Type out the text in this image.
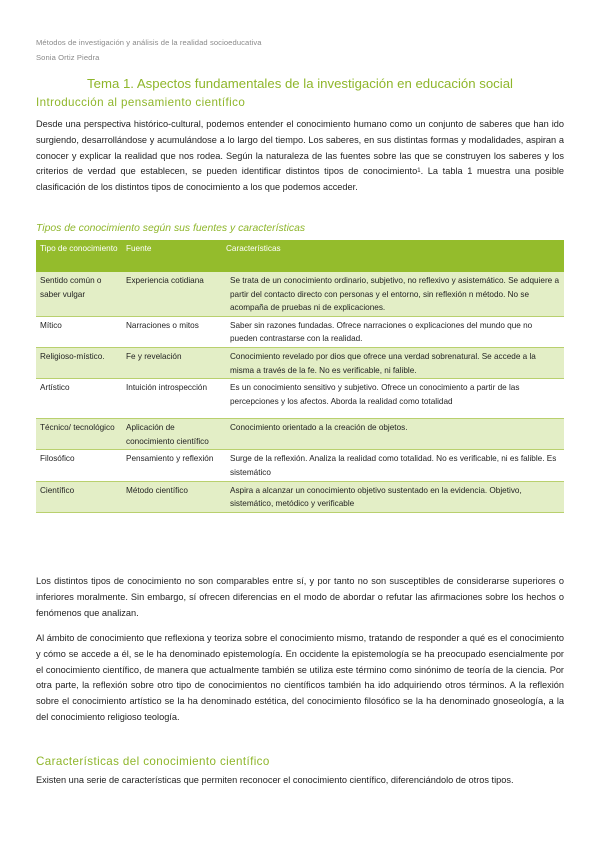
Métodos de investigación y análisis de la realidad socioeducativa
Sonia Ortiz Piedra
Tema 1. Aspectos fundamentales de la investigación en educación social
Introducción al pensamiento científico
Desde una perspectiva histórico-cultural, podemos entender el conocimiento humano como un conjunto de saberes que han ido surgiendo, desarrollándose y acumulándose a lo largo del tiempo. Los saberes, en sus distintas formas y modalidades, aspiran a conocer y explicar la realidad que nos rodea. Según la naturaleza de las fuentes sobre las que se construyen los saberes y los criterios de verdad que establecen, se pueden identificar distintos tipos de conocimiento$^1$. La tabla 1 muestra una posible clasificación de los distintos tipos de conocimiento a los que podemos acceder.
Tipos de conocimiento según sus fuentes y características
Tipo de conocimiento	Fuente	Características
Sentido común o saber vulgar	Experiencia cotidiana	Se trata de un conocimiento ordinario, subjetivo, no reflexivo y asistemático. Se adquiere a partir del contacto directo con personas y el entorno, sin reflexión n método. No se acompaña de pruebas ni de explicaciones.
Mítico	Narraciones o mitos	Saber sin razones fundadas. Ofrece narraciones o explicaciones del mundo que no pueden contrastarse con la realidad.
Religioso-místico.	Fe y revelación	Conocimiento revelado por dios que ofrece una verdad sobrenatural. Se accede a la misma a través de la fe. No es verificable, ni falible.
Artístico	Intuición introspección	Es un conocimiento sensitivo y subjetivo. Ofrece un conocimiento a partir de las percepciones y los afectos. Aborda la realidad como totalidad
Técnico/ tecnológico	Aplicación de conocimiento científico	Conocimiento orientado a la creación de objetos.
Filosófico	Pensamiento y reflexión	Surge de la reflexión. Analiza la realidad como totalidad. No es verificable, ni es falible. Es sistemático
Científico	Método científico	Aspira a alcanzar un conocimiento objetivo sustentado en la evidencia. Objetivo, sistemático, metódico y verificable
Los distintos tipos de conocimiento no son comparables entre sí, y por tanto no son susceptibles de considerarse superiores o inferiores moralmente. Sin embargo, sí ofrecen diferencias en el modo de abordar o refutar las afirmaciones sobre los hechos o fenómenos que analizan.
Al ámbito de conocimiento que reflexiona y teoriza sobre el conocimiento mismo, tratando de responder a qué es el conocimiento y cómo se accede a él, se le ha denominado epistemología. En occidente la epistemología se ha preocupado esencialmente por el conocimiento científico, de manera que actualmente también se utiliza este término como sinónimo de teoría de la ciencia. Por otra parte, la reflexión sobre otro tipo de conocimientos no científicos también ha ido adquiriendo otros términos. A la reflexión sobre el conocimiento artístico se la ha denominado estética, del conocimiento filosófico se la ha denominado gnoseología, a la del conocimiento religioso teología.
Características del conocimiento científico
Existen una serie de características que permiten reconocer el conocimiento científico, diferenciándolo de otros tipos.
